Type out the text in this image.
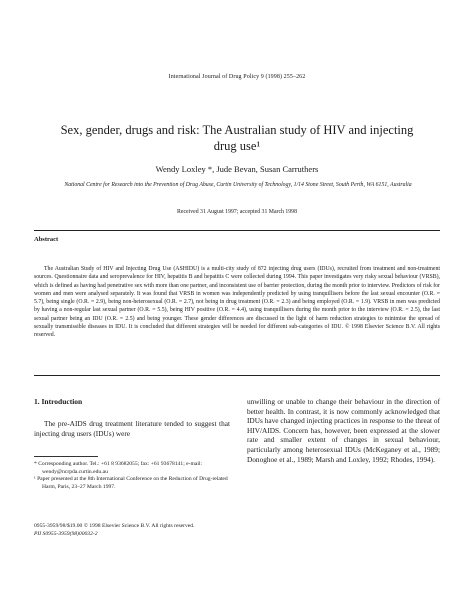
International Journal of Drug Policy 9 (1998) 255–262
Sex, gender, drugs and risk: The Australian study of HIV and injecting drug use¹
Wendy Loxley *, Jude Bevan, Susan Carruthers
National Centre for Research into the Prevention of Drug Abuse, Curtin University of Technology, 1/14 Stone Street, South Perth, WA 6151, Australia
Received 31 August 1997; accepted 31 March 1998
Abstract

The Australian Study of HIV and Injecting Drug Use (ASHIDU) is a multi-city study of 872 injecting drug users (IDUs), recruited from treatment and non-treatment sources. Questionnaire data and seroprevalence for HIV, hepatitis B and hepatitis C were collected during 1994. This paper investigates very risky sexual behaviour (VRSB), which is defined as having had penetrative sex with more than one partner, and inconsistent use of barrier protection, during the month prior to interview. Predictors of risk for women and men were analysed separately. It was found that VRSB in women was independently predicted by using tranquillisers before the last sexual encounter (O.R. = 5.7), being single (O.R. = 2.9), being non-heterosexual (O.R. = 2.7), not being in drug treatment (O.R. = 2.3) and being employed (O.R. = 1.9). VRSB in men was predicted by having a non-regular last sexual partner (O.R. = 5.5), being HIV positive (O.R. = 4.4), using tranquillisers during the month prior to the interview (O.R. = 2.5), the last sexual partner being an IDU (O.R. = 2.5) and being younger. These gender differences are discussed in the light of harm reduction strategies to minimise the spread of sexually transmissible diseases in IDU. It is concluded that different strategies will be needed for different sub-categories of IDU. © 1998 Elsevier Science B.V. All rights reserved.

1. Introduction

The pre-AIDS drug treatment literature tended to suggest that injecting drug users (IDUs) were

unwilling or unable to change their behaviour in the direction of better health. In contrast, it is now commonly acknowledged that IDUs have changed injecting practices in response to the threat of HIV/AIDS. Concern has, however, been expressed at the slower rate and smaller extent of changes in sexual behaviour, particularly among heterosexual IDUs (McKeganey et al., 1989; Donoghoe et al., 1989; Marsh and Loxley, 1992; Rhodes, 1994).

* Corresponding author. Tel.: +61 8 93682055; fax: +61 93678141; e-mail: wendy@ncrpda.curtin.edu.au

¹ Paper presented at the 8th International Conference on the Reduction of Drug-related Harm, Paris, 23–27 March 1997.

0955-3959/98/$19.00 © 1998 Elsevier Science B.V. All rights reserved.
PII S0955-3959(98)00032-2
